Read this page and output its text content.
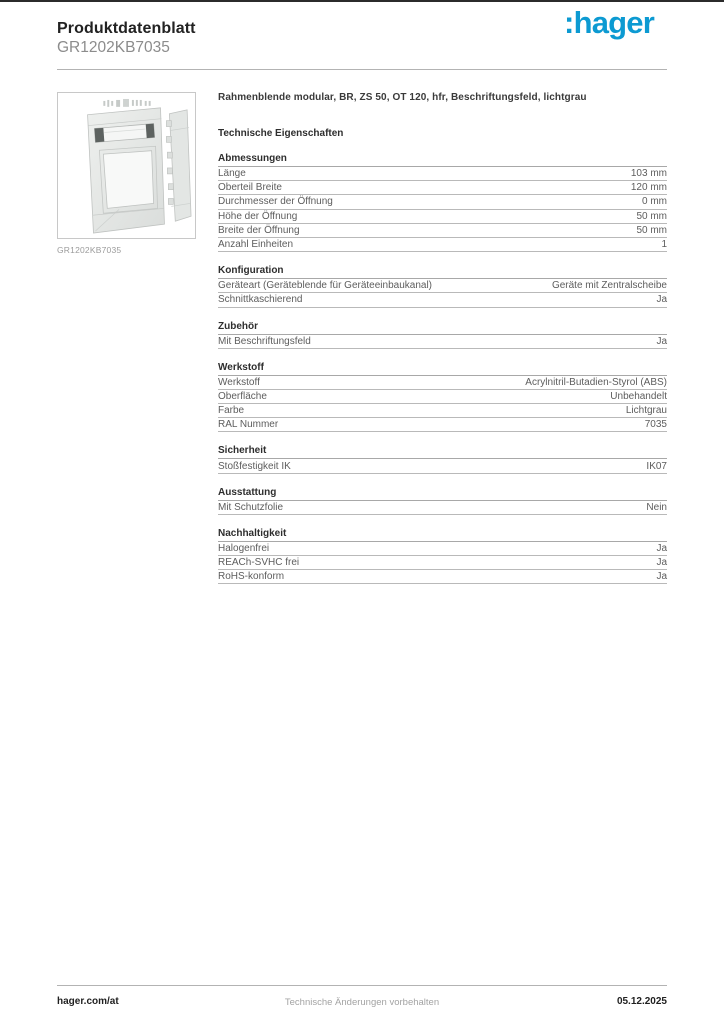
Produktdatenblatt
GR1202KB7035
:hager
GR1202KB7035
Rahmenblende modular, BR, ZS 50, OT 120, hfr, Beschriftungsfeld, lichtgrau
Technische Eigenschaften
Abmessungen
Länge	103 mm
Oberteil Breite	120 mm
Durchmesser der Öffnung	0 mm
Höhe der Öffnung	50 mm
Breite der Öffnung	50 mm
Anzahl Einheiten	1
Konfiguration
Geräteart (Geräteblende für Geräteeinbaukanal)	Geräte mit Zentralscheibe
Schnittkaschierend	Ja
Zubehör
Mit Beschriftungsfeld	Ja
Werkstoff
Werkstoff	Acrylnitril-Butadien-Styrol (ABS)
Oberfläche	Unbehandelt
Farbe	Lichtgrau
RAL Nummer	7035
Sicherheit
Stoßfestigkeit IK	IK07
Ausstattung
Mit Schutzfolie	Nein
Nachhaltigkeit
Halogenfrei	Ja
REACh-SVHC frei	Ja
RoHS-konform	Ja
hager.com/at	Technische Änderungen vorbehalten	05.12.2025
